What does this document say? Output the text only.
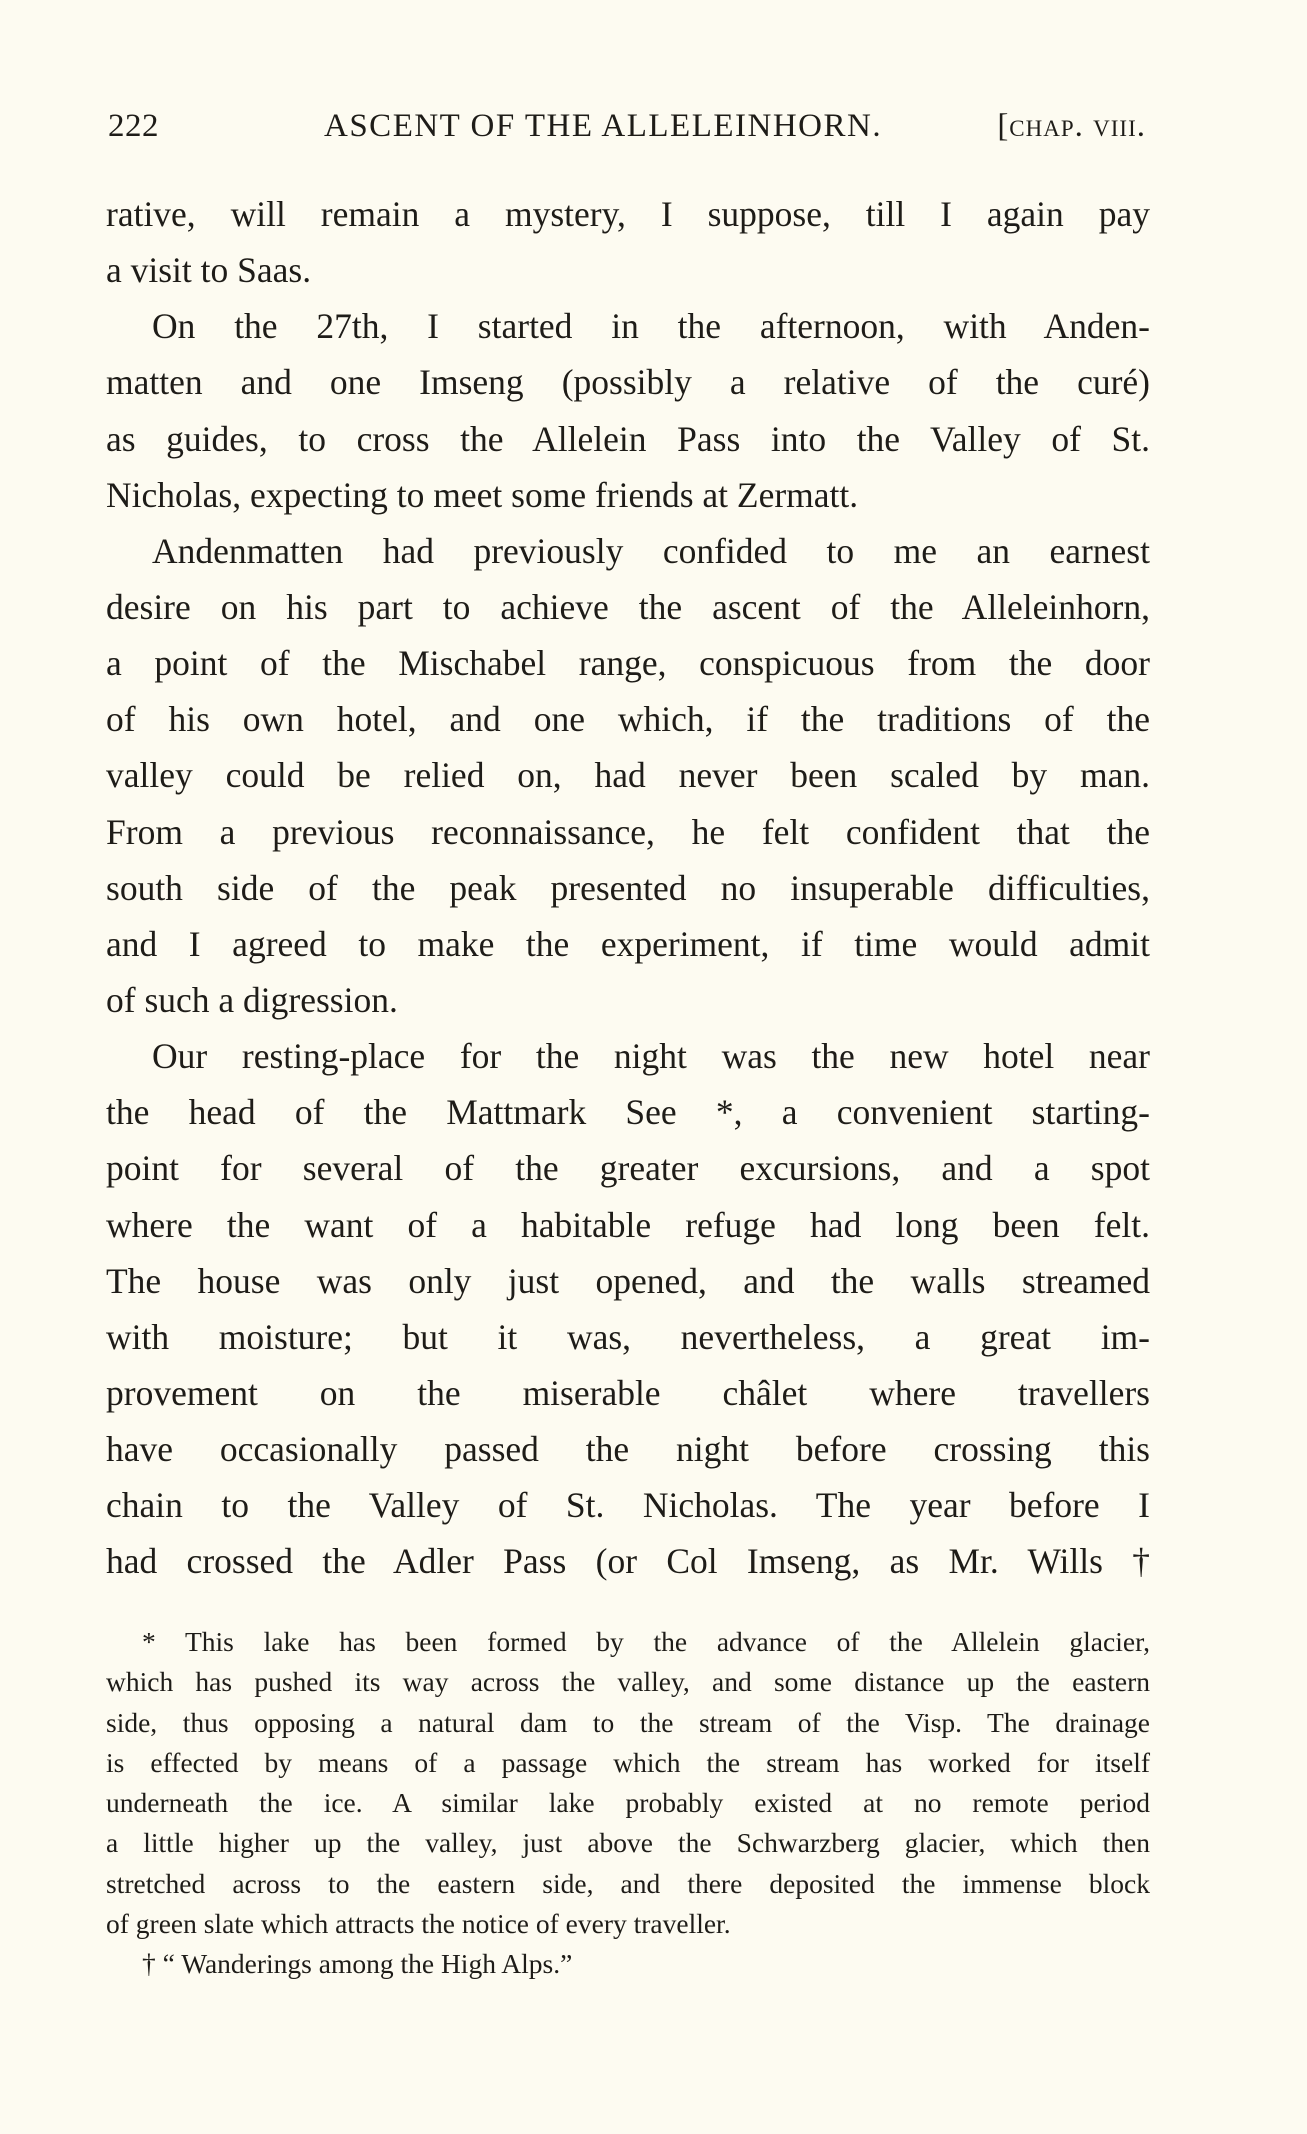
222	ASCENT OF THE ALLELEINHORN.	[chap. viii.
rative, will remain a mystery, I suppose, till I again pay
a visit to Saas.
On the 27th, I started in the afternoon, with Anden-
matten and one Imseng (possibly a relative of the curé)
as guides, to cross the Allelein Pass into the Valley of St.
Nicholas, expecting to meet some friends at Zermatt.
Andenmatten had previously confided to me an earnest
desire on his part to achieve the ascent of the Alleleinhorn,
a point of the Mischabel range, conspicuous from the door
of his own hotel, and one which, if the traditions of the
valley could be relied on, had never been scaled by man.
From a previous reconnaissance, he felt confident that the
south side of the peak presented no insuperable difficulties,
and I agreed to make the experiment, if time would admit
of such a digression.
Our resting-place for the night was the new hotel near
the head of the Mattmark See *, a convenient starting-
point for several of the greater excursions, and a spot
where the want of a habitable refuge had long been felt.
The house was only just opened, and the walls streamed
with moisture; but it was, nevertheless, a great im-
provement on the miserable châlet where travellers
have occasionally passed the night before crossing this
chain to the Valley of St. Nicholas. The year before I
had crossed the Adler Pass (or Col Imseng, as Mr. Wills †
* This lake has been formed by the advance of the Allelein glacier,
which has pushed its way across the valley, and some distance up the eastern
side, thus opposing a natural dam to the stream of the Visp. The drainage
is effected by means of a passage which the stream has worked for itself
underneath the ice. A similar lake probably existed at no remote period
a little higher up the valley, just above the Schwarzberg glacier, which then
stretched across to the eastern side, and there deposited the immense block
of green slate which attracts the notice of every traveller.
† “ Wanderings among the High Alps.”
